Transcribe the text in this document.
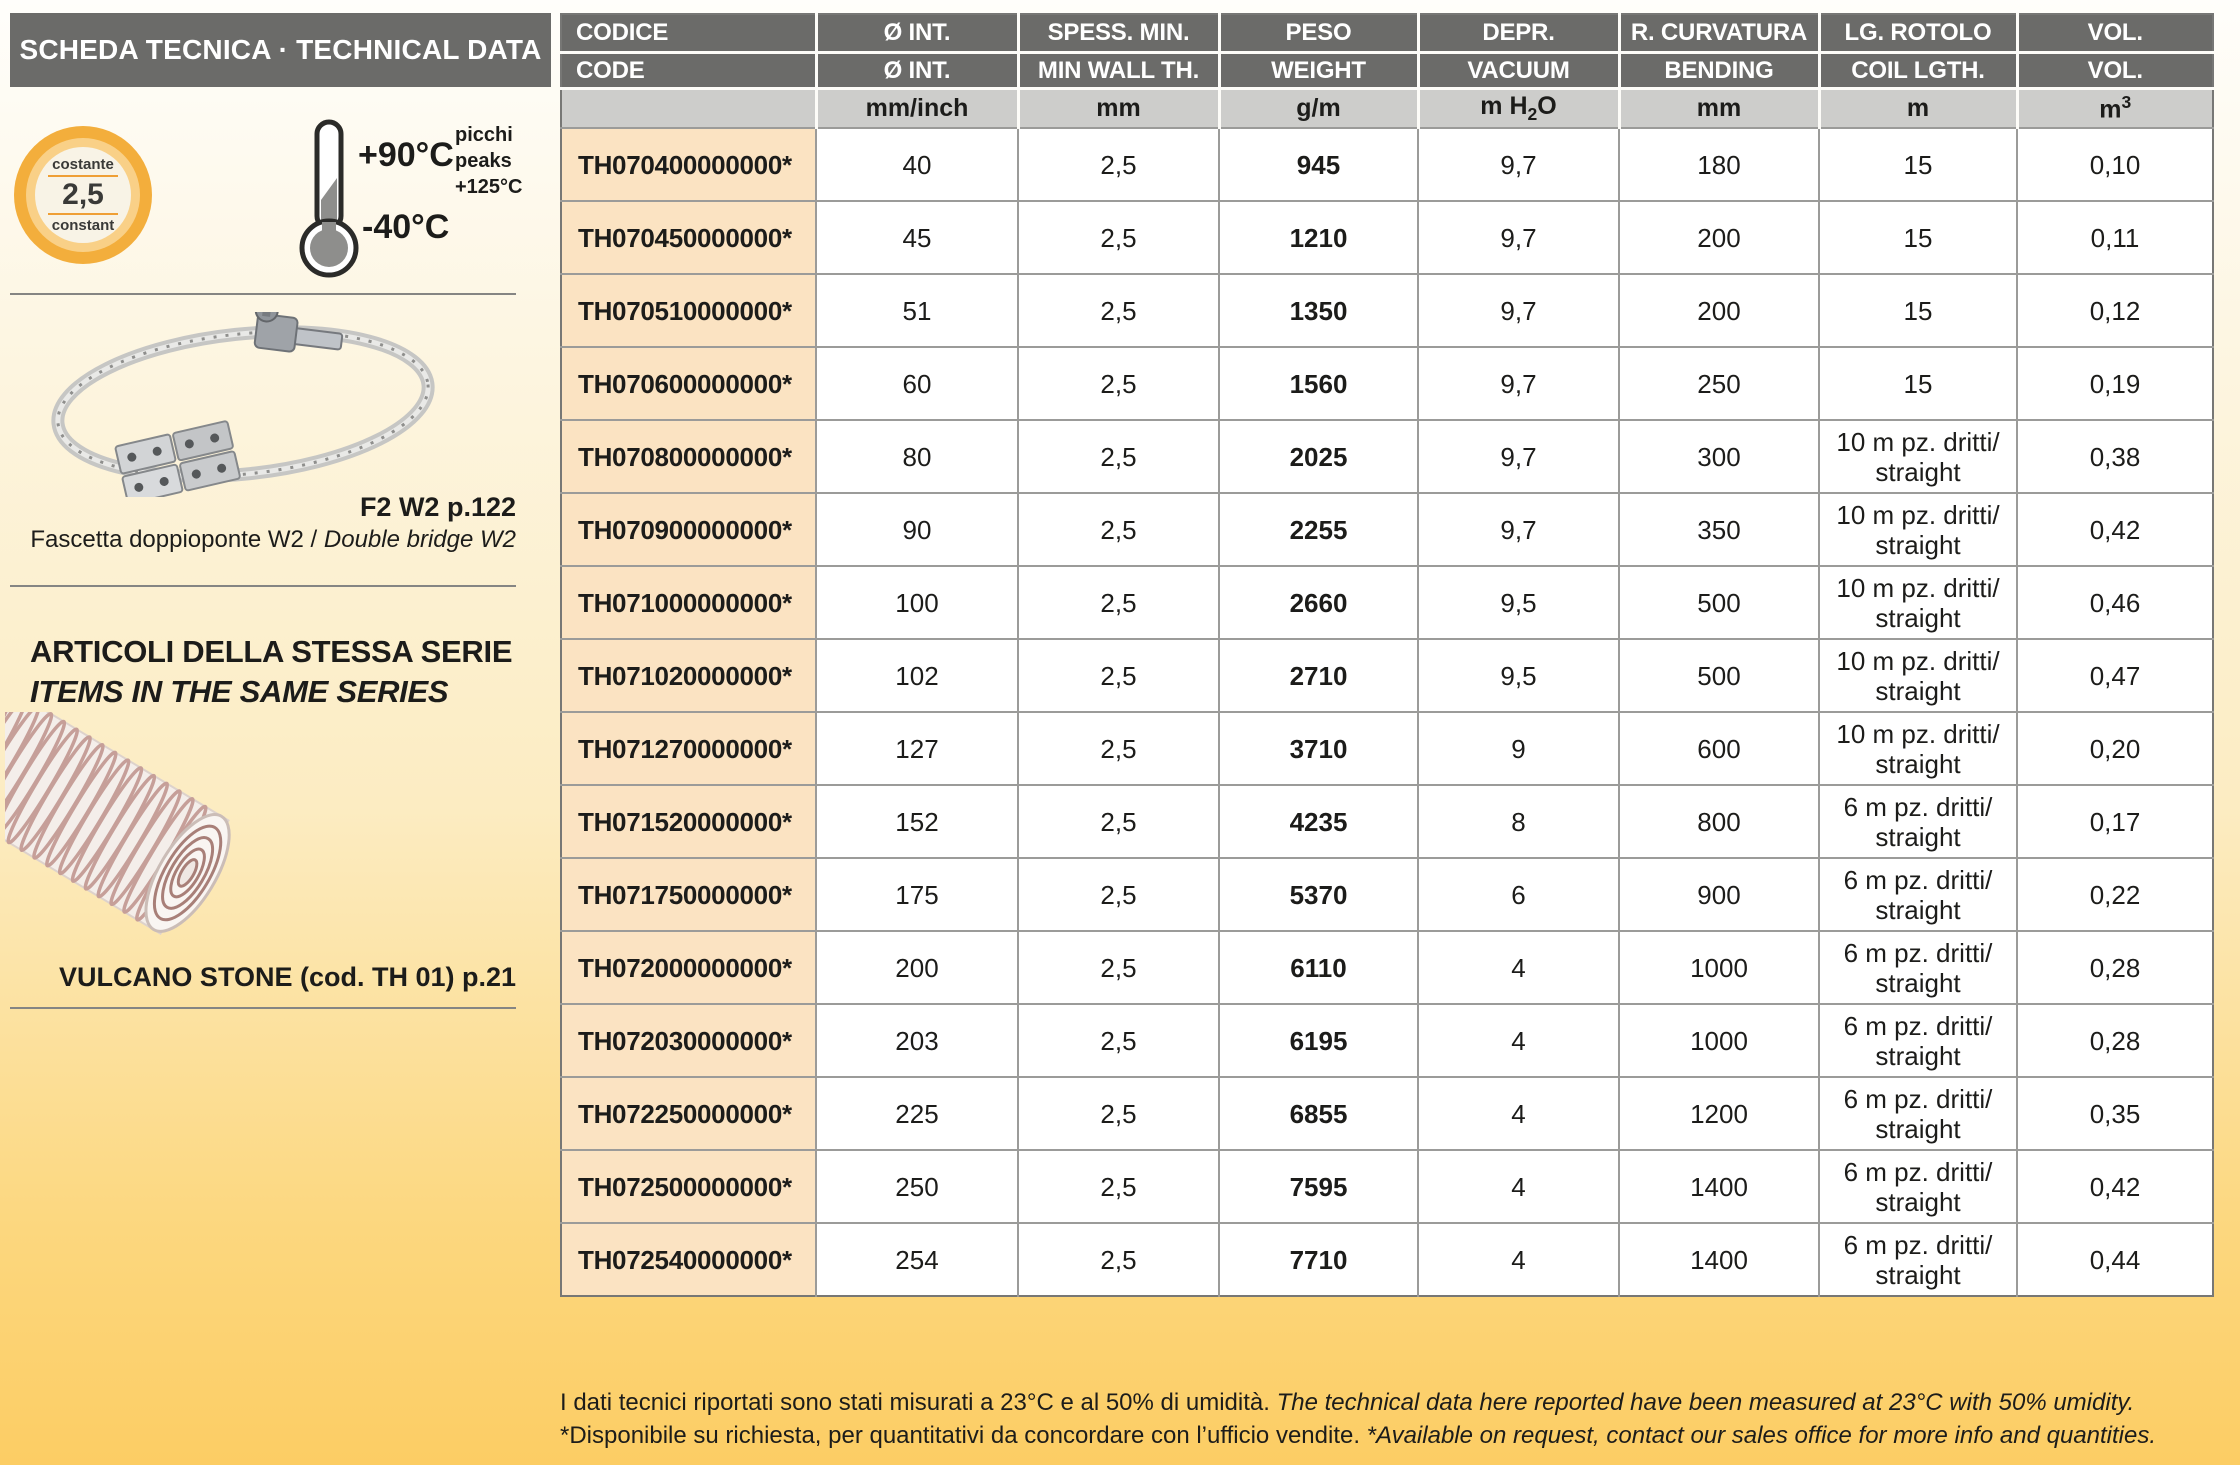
SCHEDA TECNICA · TECHNICAL DATA
costante
2,5
constant
+90°C
-40°C
picchi
peaks
+125°C
F2 W2 p.122
Fascetta doppioponte W2 / Double bridge W2
ARTICOLI DELLA STESSA SERIE
ITEMS IN THE SAME SERIES
VULCANO STONE (cod. TH 01) p.21
CODICE	Ø INT.	SPESS. MIN.	PESO	DEPR.	R. CURVATURA	LG. ROTOLO	VOL.
CODE	Ø INT.	MIN WALL TH.	WEIGHT	VACUUM	BENDING	COIL LGTH.	VOL.
	mm/inch	mm	g/m	m $H_2O$	mm	m	$m^3$
TH070400000000*	40	2,5	945	9,7	180	15	0,10
TH070450000000*	45	2,5	1210	9,7	200	15	0,11
TH070510000000*	51	2,5	1350	9,7	200	15	0,12
TH070600000000*	60	2,5	1560	9,7	250	15	0,19
TH070800000000*	80	2,5	2025	9,7	300	10 m pz. dritti/
straight	0,38
TH070900000000*	90	2,5	2255	9,7	350	10 m pz. dritti/
straight	0,42
TH071000000000*	100	2,5	2660	9,5	500	10 m pz. dritti/
straight	0,46
TH071020000000*	102	2,5	2710	9,5	500	10 m pz. dritti/
straight	0,47
TH071270000000*	127	2,5	3710	9	600	10 m pz. dritti/
straight	0,20
TH071520000000*	152	2,5	4235	8	800	6 m pz. dritti/
straight	0,17
TH071750000000*	175	2,5	5370	6	900	6 m pz. dritti/
straight	0,22
TH072000000000*	200	2,5	6110	4	1000	6 m pz. dritti/
straight	0,28
TH072030000000*	203	2,5	6195	4	1000	6 m pz. dritti/
straight	0,28
TH072250000000*	225	2,5	6855	4	1200	6 m pz. dritti/
straight	0,35
TH072500000000*	250	2,5	7595	4	1400	6 m pz. dritti/
straight	0,42
TH072540000000*	254	2,5	7710	4	1400	6 m pz. dritti/
straight	0,44
I dati tecnici riportati sono stati misurati a 23°C e al 50% di umidità. The technical data here reported have been measured at 23°C with 50% umidity.
*Disponibile su richiesta, per quantitativi da concordare con l’ufficio vendite. *Available on request, contact our sales office for more info and quantities.
